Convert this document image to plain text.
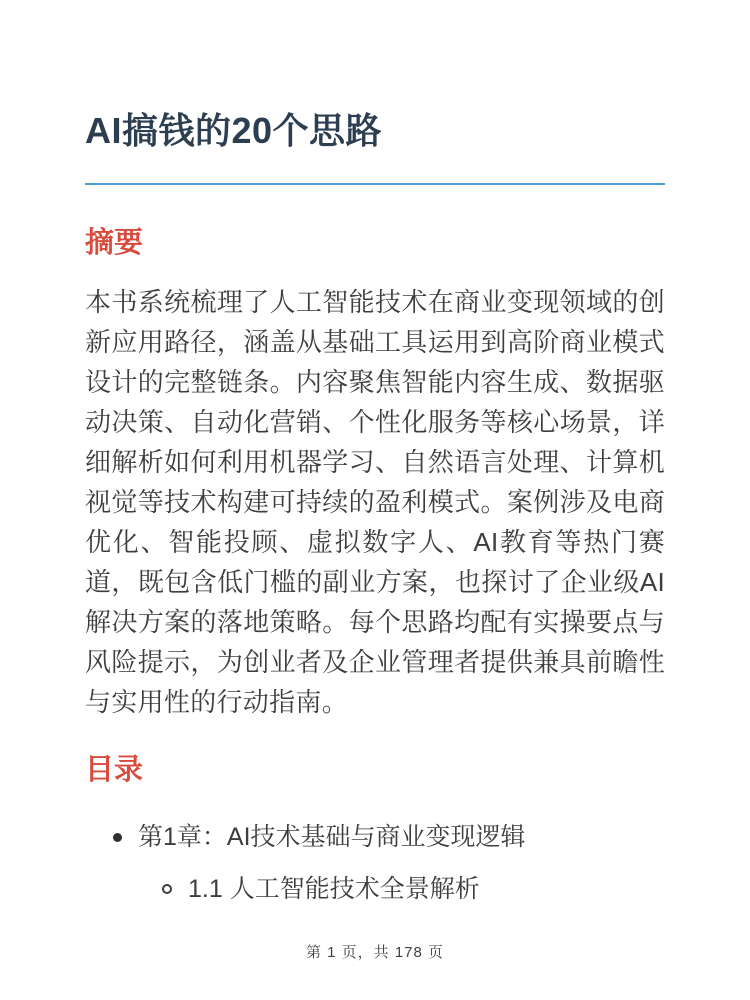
AI搞钱的20个思路
摘要

本书系统梳理了人工智能技术在商业变现领域的创新应用路径，涵盖从基础工具运用到高阶商业模式设计的完整链条。内容聚焦智能内容生成、数据驱动决策、自动化营销、个性化服务等核心场景，详细解析如何利用机器学习、自然语言处理、计算机视觉等技术构建可持续的盈利模式。案例涉及电商优化、智能投顾、虚拟数字人、AI教育等热门赛道，既包含低门槛的副业方案，也探讨了企业级AI解决方案的落地策略。每个思路均配有实操要点与风险提示，为创业者及企业管理者提供兼具前瞻性与实用性的行动指南。

目录
第1章：AI技术基础与商业变现逻辑
1.1 人工智能技术全景解析
第 1 页，共 178 页
